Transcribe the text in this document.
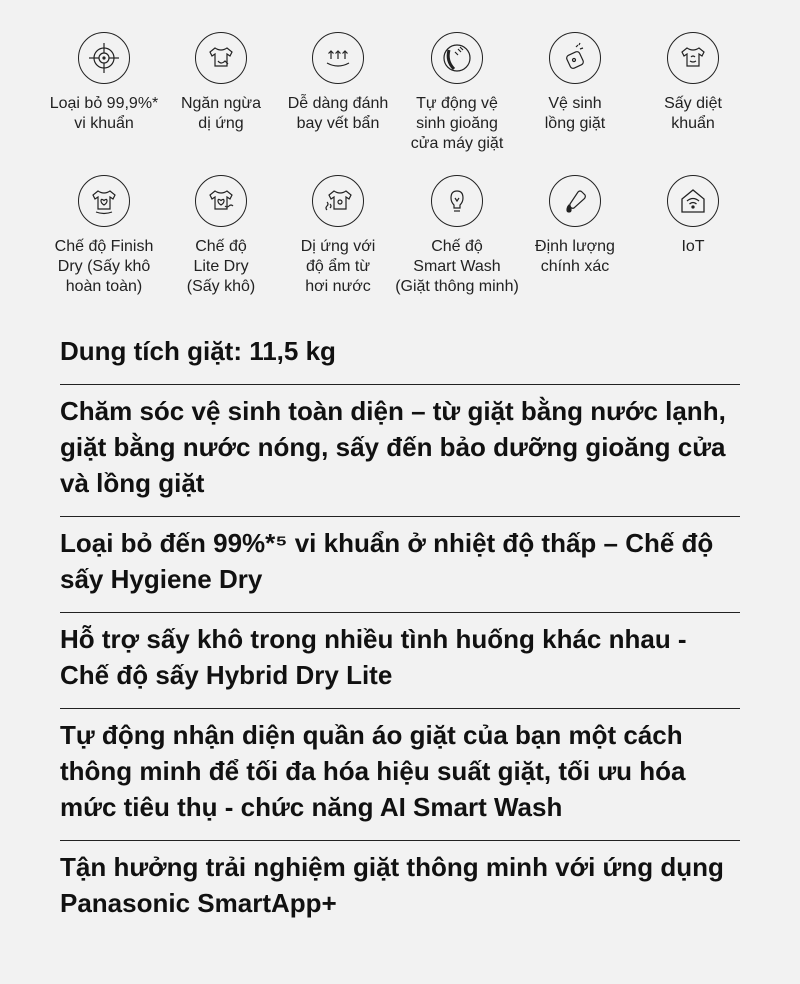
Loại bỏ 99,9%*
vi khuẩn
Ngăn ngừa
dị ứng
Dễ dàng đánh
bay vết bẩn
Tự động vệ
sinh gioăng
cửa máy giặt
Vệ sinh
lồng giặt
Sấy diệt
khuẩn
Chế độ Finish
Dry (Sấy khô
hoàn toàn)
Chế độ
Lite Dry
(Sấy khô)
Dị ứng với
độ ẩm từ
hơi nước
Chế độ
Smart Wash
(Giặt thông minh)
Định lượng
chính xác
IoT
Dung tích giặt: 11,5 kg
Chăm sóc vệ sinh toàn diện – từ giặt bằng nước lạnh, giặt bằng nước nóng, sấy đến bảo dưỡng gioăng cửa và lồng giặt
Loại bỏ đến 99%*⁵ vi khuẩn ở nhiệt độ thấp – Chế độ sấy Hygiene Dry
Hỗ trợ sấy khô trong nhiều tình huống khác nhau - Chế độ sấy Hybrid Dry Lite
Tự động nhận diện quần áo giặt của bạn một cách thông minh để tối đa hóa hiệu suất giặt, tối ưu hóa mức tiêu thụ - chức năng AI Smart Wash
Tận hưởng trải nghiệm giặt thông minh với ứng dụng Panasonic SmartApp+
